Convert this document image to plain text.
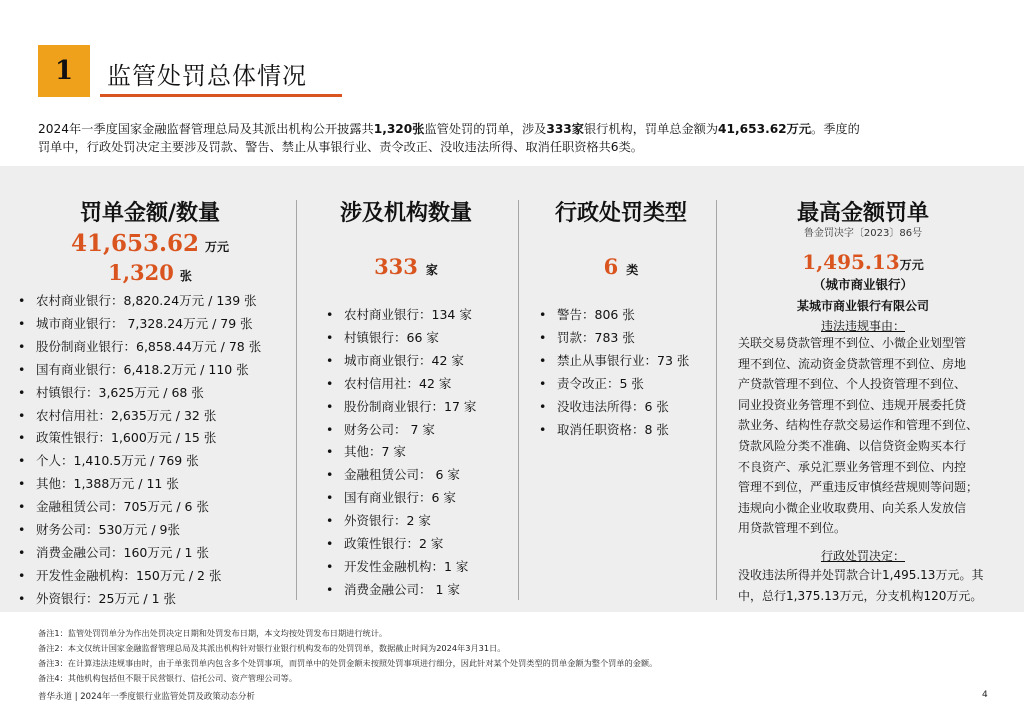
1 监管处罚总体情况
2024年一季度国家金融监督管理总局及其派出机构公开披露共1,320张监管处罚的罚单，涉及333家银行机构，罚单总金额为41,653.62万元。季度的
罚单中，行政处罚决定主要涉及罚款、警告、禁止从事银行业、责令改正、没收违法所得、取消任职资格共6类。
罚单金额/数量
41,653.62 万元
1,320 张
• 农村商业银行：8,820.24万元 / 139 张
• 城市商业银行： 7,328.24万元 / 79 张
• 股份制商业银行：6,858.44万元 / 78 张
• 国有商业银行：6,418.2万元 / 110 张
• 村镇银行：3,625万元 / 68 张
• 农村信用社：2,635万元 / 32 张
• 政策性银行：1,600万元 / 15 张
• 个人：1,410.5万元 / 769 张
• 其他：1,388万元 / 11 张
• 金融租赁公司：705万元 / 6 张
• 财务公司：530万元 / 9张
• 消费金融公司：160万元 / 1 张
• 开发性金融机构：150万元 / 2 张
• 外资银行：25万元 / 1 张
涉及机构数量
333 家
• 农村商业银行：134 家
• 村镇银行：66 家
• 城市商业银行：42 家
• 农村信用社：42 家
• 股份制商业银行：17 家
• 财务公司： 7 家
• 其他：7 家
• 金融租赁公司： 6 家
• 国有商业银行：6 家
• 外资银行：2 家
• 政策性银行：2 家
• 开发性金融机构：1 家
• 消费金融公司： 1 家
行政处罚类型
6 类
• 警告：806 张
• 罚款：783 张
• 禁止从事银行业：73 张
• 责令改正：5 张
• 没收违法所得：6 张
• 取消任职资格：8 张
最高金额罚单
鲁金罚决字〔2023〕86号
1,495.13万元
（城市商业银行）
某城市商业银行有限公司
违法违规事由：
关联交易贷款管理不到位、小微企业划型管
理不到位、流动资金贷款管理不到位、房地
产贷款管理不到位、个人投资管理不到位、
同业投资业务管理不到位、违规开展委托贷
款业务、结构性存款交易运作和管理不到位、
贷款风险分类不准确、以信贷资金购买本行
不良资产、承兑汇票业务管理不到位、内控
管理不到位，严重违反审慎经营规则等问题；
违规向小微企业收取费用、向关系人发放信
用贷款管理不到位。
行政处罚决定：
没收违法所得并处罚款合计1,495.13万元。其
中，总行1,375.13万元，分支机构120万元。
备注1：监管处罚罚单分为作出处罚决定日期和处罚发布日期，本文均按处罚发布日期进行统计。
备注2：本文仅统计国家金融监督管理总局及其派出机构针对银行业银行机构发布的处罚罚单，数据截止时间为2024年3月31日。
备注3：在计算违法违规事由时，由于单张罚单内包含多个处罚事项，而罚单中的处罚金额未按照处罚事项进行细分，因此针对某个处罚类型的罚单金额为整个罚单的金额。
备注4：其他机构包括但不限于民营银行、信托公司、资产管理公司等。
普华永道 | 2024年一季度银行业监管处罚及政策动态分析	4
